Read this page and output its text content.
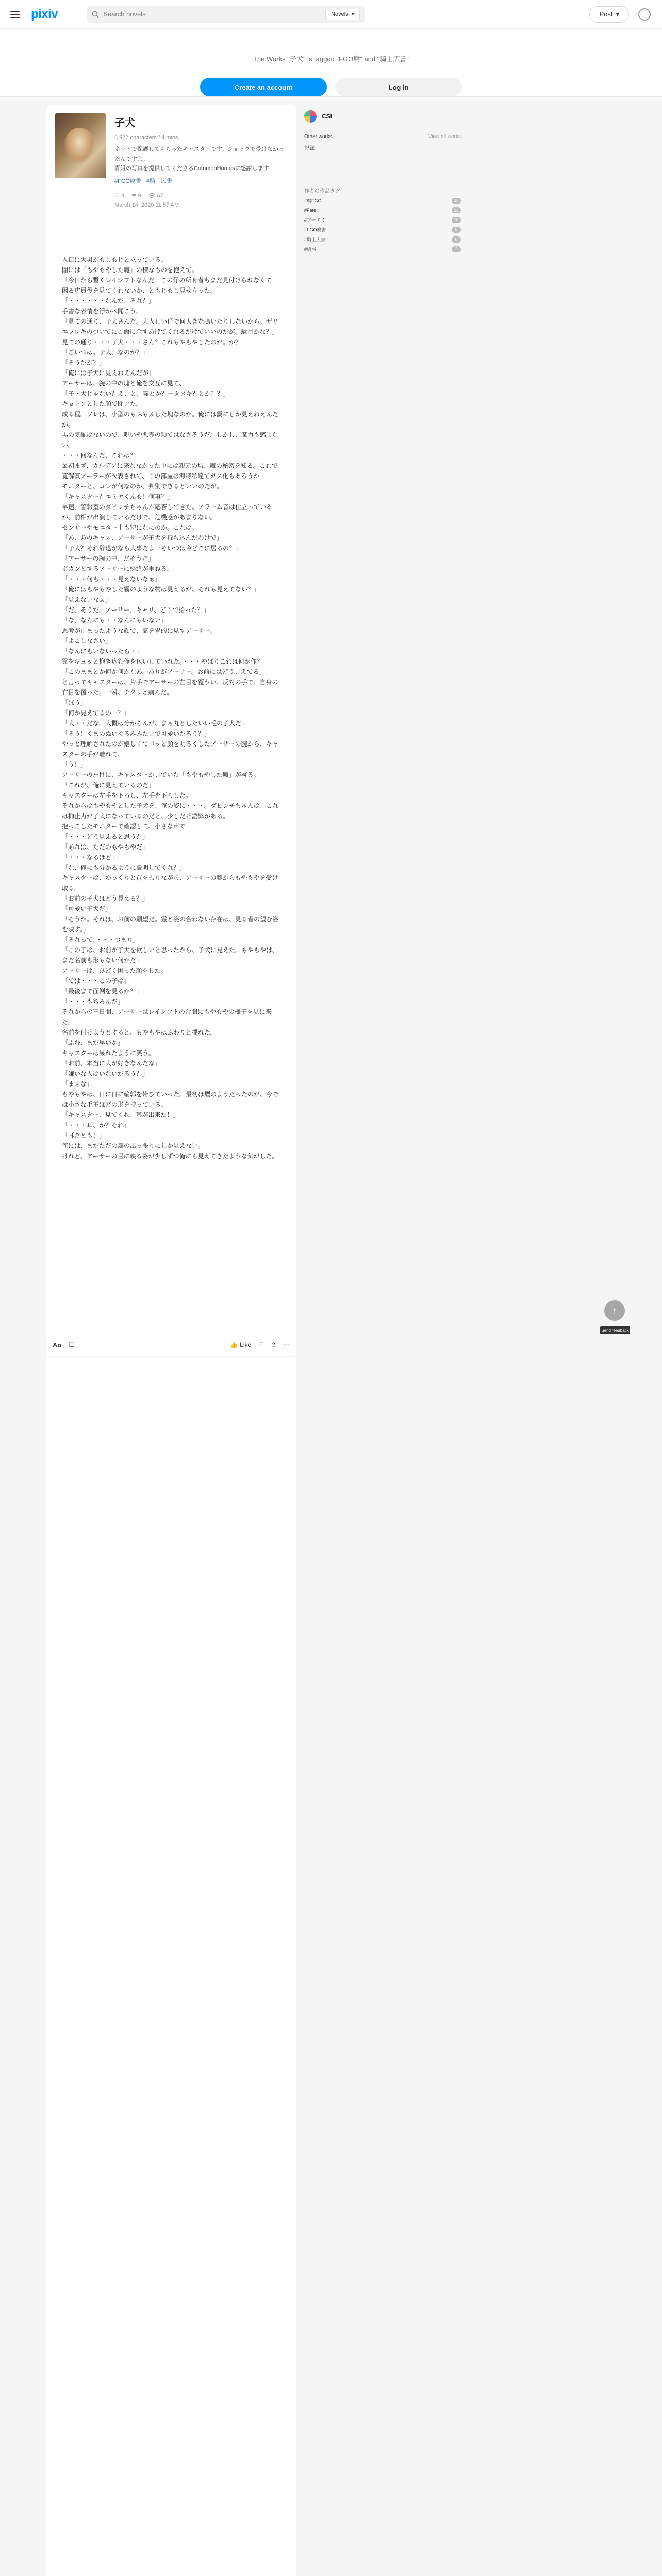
pixiv
Search novels	Novels ▾	Post ▾
The Works "子犬" is tagged "FGO腐" and "騎士広書"
Create an account	Log in
子犬
6,977 characters 14 mins
ネットで保護してもらったキャスターです。ショックで受けなかったんですよ。
青組の写真を提供してくださるCommonHomesに感謝します
#FGO腐書 #騎士広書
♡ 4 ❤ 9 👁 67
March 14, 2020 11:57 AM
入口に大男がもじもじと立っている。
闇には「もやもやした魔」の様なものを抱えて。
「今日から暫くレイシフトなんだ。この仔の所有者もまだ見付けられなくて」
困る店員役を見てくれないか、ともじもじ見せ立った。
「・・・・・・なんだ、それ？」
手書な表情を浮かべ聞こう。
「見ての通り、子犬さんだ。大人しい仔で何大きな鳴いたりしないから。ザリエフレキのついでにご面に余すあげてくれるだけでいいのだが。駄目かな？」
見ての通り・・・子犬・・・さん？これもやもやしたのが。か？
「ごいつは。子犬、なのか？」
「そうだが？」
「俺には子犬に見えねえんだが」
アーサーは、腕の中の塊と俺を交互に見て、
「子・犬じゃない？え、と、猫とか？一タヌキ？とか？？」
キョトンとした顔で聞いた。
成る程。ソレは、小型のもふもふした塊なのか。俺には靄にしか見えねえんだが。
黒の気配はないので、呪いや悪霊の類ではなさそうだ。しかし、魔力も感じない。
・・・何なんだ、これは？
最初まず、カルデアに来れなかった中には親元の坊、魔の秘密を知る。これで寛解質アーラーが次表されて、この部屋は海特私達てガス化もあろうか。
モニターと、コレが何なのか、判別できるといいのだが。
「キャスター？エミヤくんも！何事？」
早速、警報室のダビンチちゃんが応答してきた。アラーム音は仕立っているが、前相が出演しているだけで、危機感があまりない。
センサーやモニター上も特になにのか。これは。
「あ、あのキャス、アーサーが子犬を持ち込んだわけで」
「子犬？それ辞退がなら大事だよ一そいつは今どこに居るの？」
「アーサーの腕の中、だそうだ」
ポカンとするアーサーに経緯が重ねる。
「・・・何も・・・見えないなぁ」
「俺にはもやもやした霧のような物は見えるが、それも見えてない？」
「見えないなぁ」
「だ、そうだ。アーサー、キャリ、どこで拾った？」
「な、なんにも・・なんにもいない」
思考が止まったような顔で、霊を胃的に見すアーサー。
「よこしなさい」
「なんにもいないったら・」
霊をギュッと抱き込む俺を包いしていれた。・・・やばりこれは何か作？
「このままとか何か何かなあ。ありがアーサー。お前にはどう見えてる」
と言ってキャスターは、片手でアーサーの左目を覆うい、反対の手で、自身の右目を覆った。一瞬、チクリと痛んだ。
「ぼう」
「何か見えてるの一？」
「犬・・だな。大概は分からんが、まぁ丸としたいい毛の子犬だ」
「そう！くまのぬいぐるみみたいで可愛いだろう？」
やっと理解されたのが嬉しくてパッと顔を明るくしたアーサーの腕から、キャスターの手が離れて、
「う！」
アーサーの左目に、キャスターが見ていた「もやもやした魔」が写る。
「これが、俺に見えているのだ」
キャスターは左手を下ろし、左手を下ろした。
それからはもやもやとした子犬を、俺の姿に・・・。ダビンチちゃんは、これは抑止力が子犬になっているのだと、少しだけ語弊がある。
抱っこしたモニターで確認して、小さな声で
「・・・どう見えると思う？」
「あれは、ただのもやもやだ」
「・・・なるほど」
「な、俺にも分かるように説明してくれ？」
キャスターは、ゆっくりと首を振りながら、アーサーの腕からもやもやを受け取る。
「お前の子犬はどう見える？」
「可愛い子犬だ」
「そうか。それは、お前の願望だ。霊と姿の合わない存在は、見る者の望む姿を映す。」
「それって、・・・つまり」
「この子は、お前が子犬を欲しいと思ったから、子犬に見えた。もやもやは、まだ名前も形もない何かだ」
アーサーは、ひどく困った顔をした。
「では・・・この子は」
「最後まで面倒を見るか？」
「・・・もちろんだ」
それからの三日間、アーサーはレイシフトの合間にもやもやの様子を見に来た。
名前を付けようとすると、もやもやはふわりと揺れた。
「ふむ、まだ早いか」
キャスターは呆れたように笑う。
「お前、本当に犬が好きなんだな」
「嫌いな人はいないだろう？」
「まぁな」
もやもやは、日に日に輪郭を帯びていった。最初は煙のようだったのが、今では小さな毛玉ほどの形を持っている。
「キャスター、見てくれ！耳が出来た！」
「・・・耳、か？それ」
「耳だとも！」
俺には、まだただの靄の出っ張りにしか見えない。
けれど、アーサーの目に映る姿が少しずつ俺にも見えてきたような気がした。

Aα ☐	👍 Like ♡ ⇪ ⋯
CSI
Other works	View all works
記録
作者の作品タグ
#腐FGO	36
#Fate	35
#アーエミ	18
#FGO腐書	8
#騎士広書	8
#槍弓	2
↑
Send feedback
